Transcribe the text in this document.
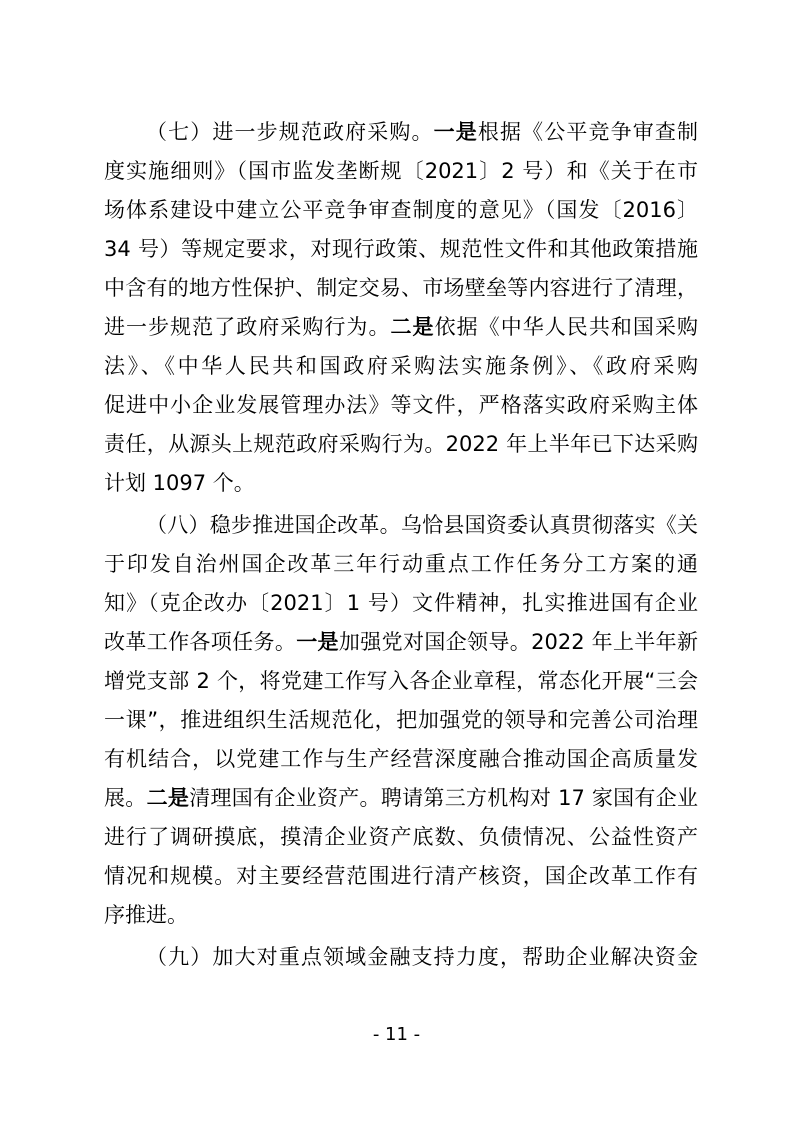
（七）进一步规范政府采购。一是根据《公平竞争审查制
度实施细则》（国市监发垄断规〔2021〕2 号）和《关于在市
场体系建设中建立公平竞争审查制度的意见》（国发〔2016〕
34 号）等规定要求，对现行政策、规范性文件和其他政策措施
中含有的地方性保护、制定交易、市场壁垒等内容进行了清理，
进一步规范了政府采购行为。二是依据《中华人民共和国采购
法》、《中华人民共和国政府采购法实施条例》、《政府采购
促进中小企业发展管理办法》等文件，严格落实政府采购主体
责任，从源头上规范政府采购行为。2022 年上半年已下达采购
计划 1097 个。
（八）稳步推进国企改革。乌恰县国资委认真贯彻落实《关
于印发自治州国企改革三年行动重点工作任务分工方案的通
知》（克企改办〔2021〕1 号）文件精神，扎实推进国有企业
改革工作各项任务。一是加强党对国企领导。2022 年上半年新
增党支部 2 个，将党建工作写入各企业章程，常态化开展“三会
一课”，推进组织生活规范化，把加强党的领导和完善公司治理
有机结合，以党建工作与生产经营深度融合推动国企高质量发
展。二是清理国有企业资产。聘请第三方机构对 17 家国有企业
进行了调研摸底，摸清企业资产底数、负债情况、公益性资产
情况和规模。对主要经营范围进行清产核资，国企改革工作有
序推进。
（九）加大对重点领域金融支持力度，帮助企业解决资金
- 11 -
